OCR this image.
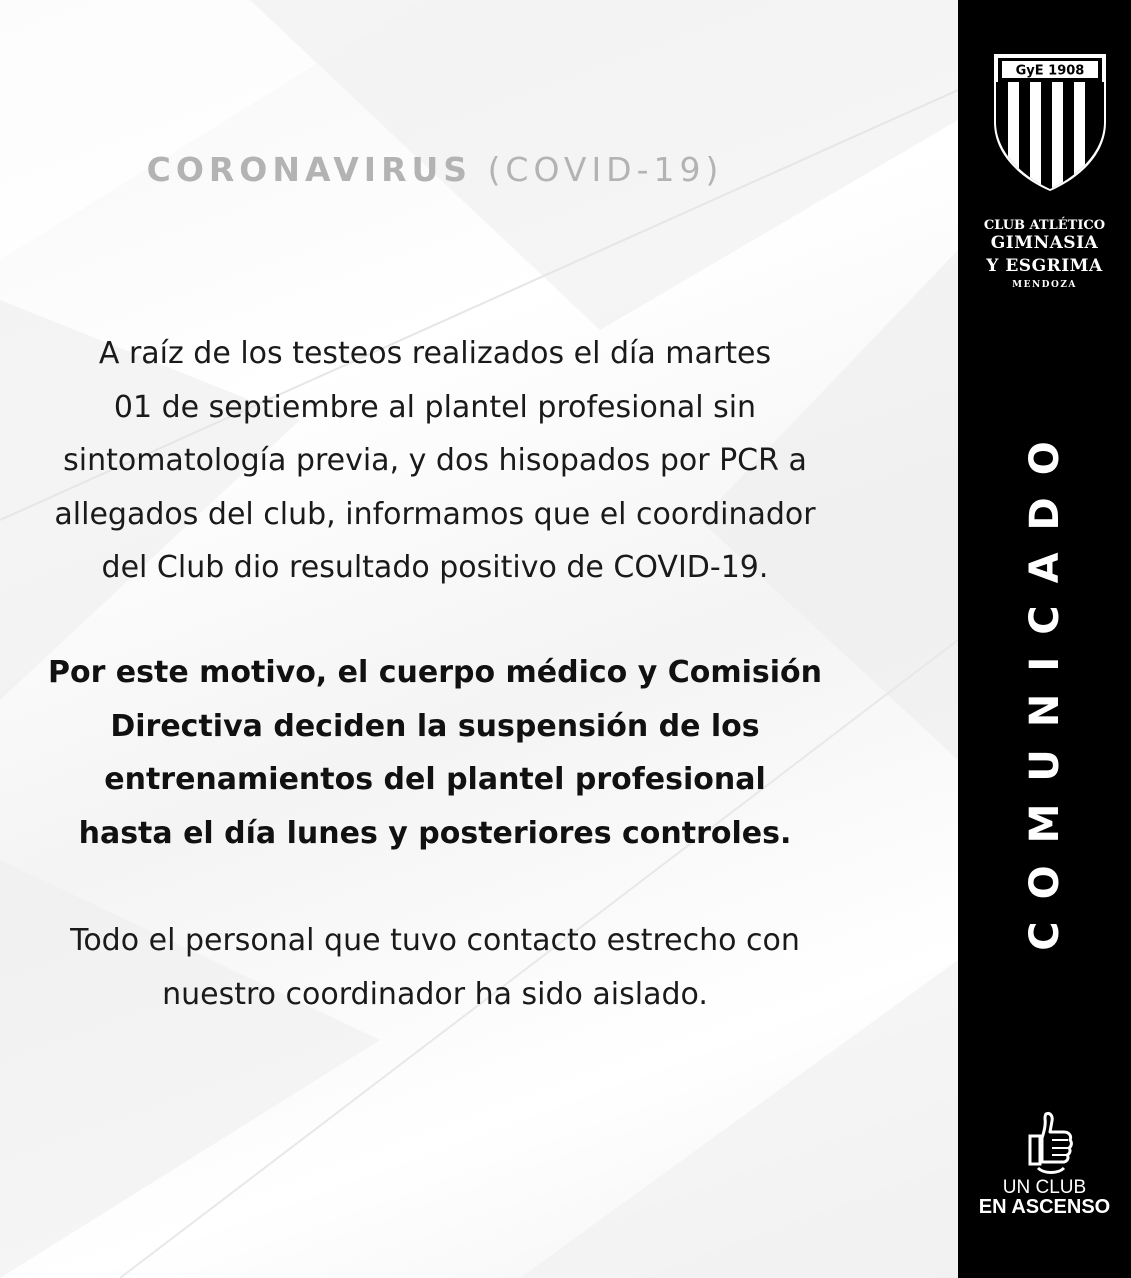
CORONAVIRUS (COVID-19)
A raíz de los testeos realizados el día martes
01 de septiembre al plantel profesional sin
sintomatología previa, y dos hisopados por PCR a
allegados del club, informamos que el coordinador
del Club dio resultado positivo de COVID-19.
Por este motivo, el cuerpo médico y Comisión
Directiva deciden la suspensión de los
entrenamientos del plantel profesional
hasta el día lunes y posteriores controles.
Todo el personal que tuvo contacto estrecho con
nuestro coordinador ha sido aislado.
GyE 1908
CLUB ATLÉTICO
GIMNASIA
Y ESGRIMA
MENDOZA
COMUNICADO
UN CLUB
EN ASCENSO
